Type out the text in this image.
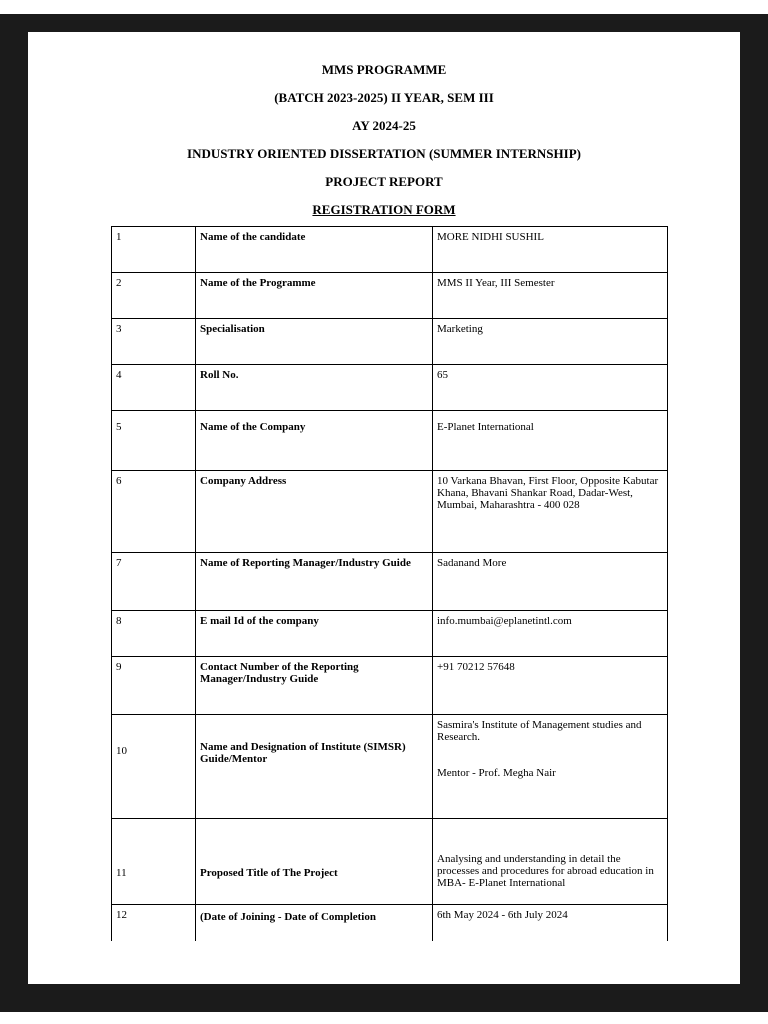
MMS PROGRAMME
(BATCH 2023-2025) II YEAR, SEM III
AY 2024-25
INDUSTRY ORIENTED DISSERTATION (SUMMER INTERNSHIP)
PROJECT REPORT
REGISTRATION FORM
1	Name of the candidate	MORE NIDHI SUSHIL
2	Name of the Programme	MMS II Year, III Semester
3	Specialisation	Marketing
4	Roll No.	65
5	Name of the Company	E-Planet International
6	Company Address	10 Varkana Bhavan, First Floor, Opposite Kabutar Khana, Bhavani Shankar Road, Dadar-West, Mumbai, Maharashtra - 400 028
7	Name of Reporting Manager/Industry Guide	Sadanand More
8	E mail Id of the company	info.mumbai@eplanetintl.com
9	Contact Number of the Reporting Manager/Industry Guide	+91 70212 57648
10	Name and Designation of Institute (SIMSR) Guide/Mentor	Sasmira's Institute of Management studies and Research.
Mentor - Prof. Megha Nair
11	Proposed Title of The Project	Analysing and understanding in detail the processes and procedures for abroad education in MBA- E-Planet International
12	(Date of Joining - Date of Completion	6th May 2024 - 6th July 2024
